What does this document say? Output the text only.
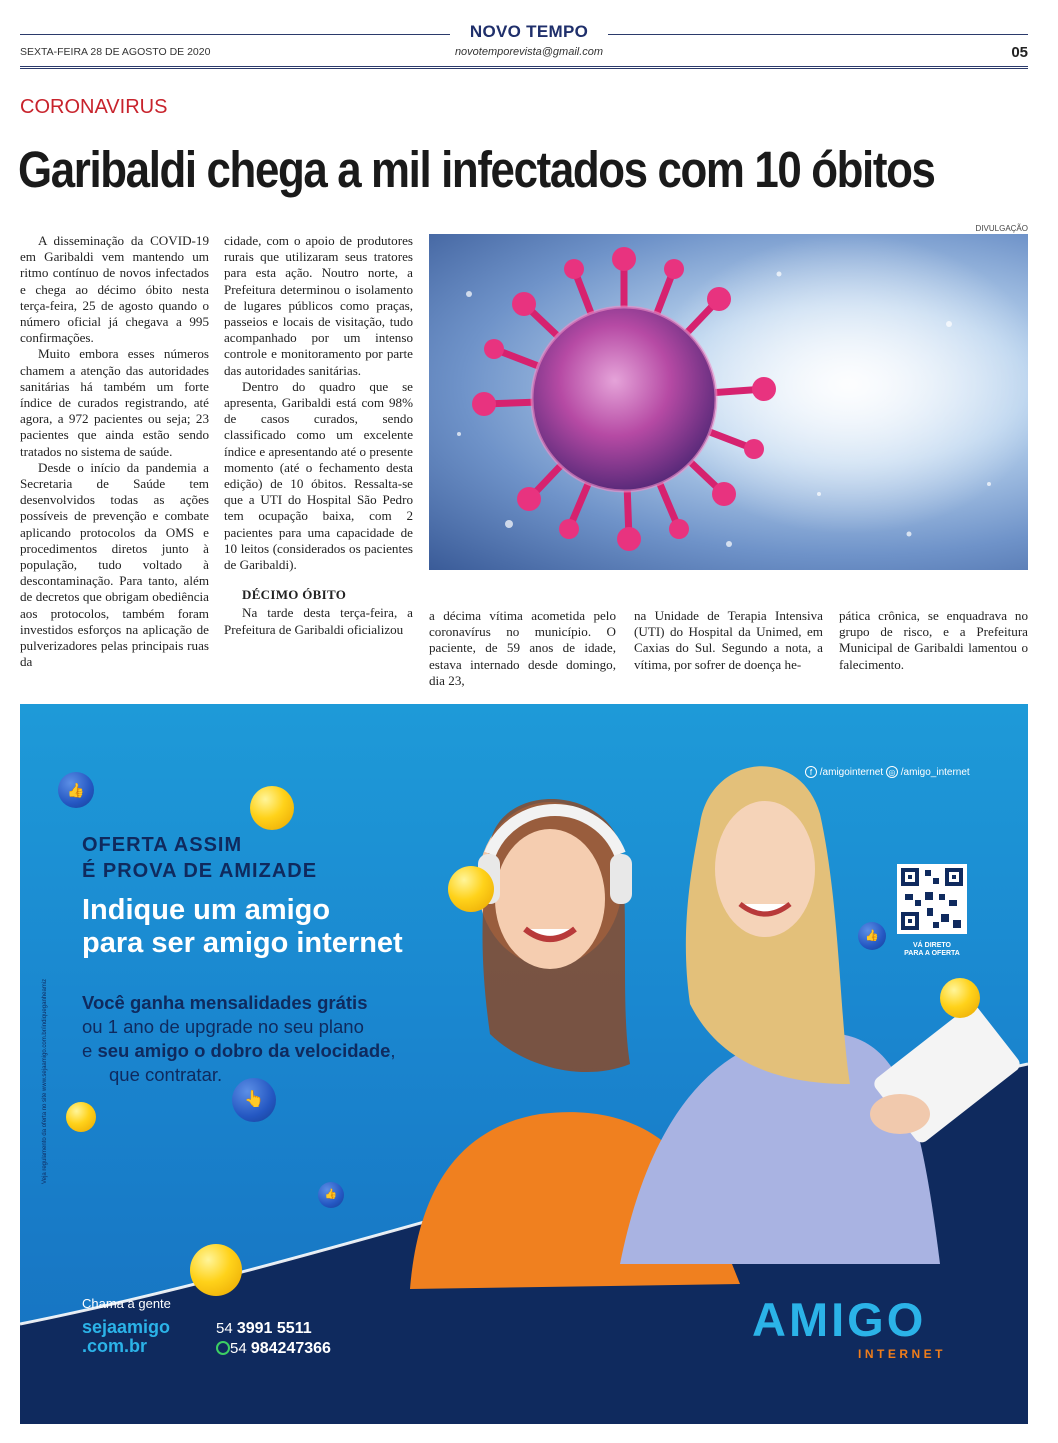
NOVO TEMPO
SEXTA-FEIRA 28 DE AGOSTO DE 2020	novotemporevista@gmail.com	05
CORONAVIRUS
Garibaldi chega a mil infectados com 10 óbitos

A disseminação da COVID-19 em Garibaldi vem mantendo um ritmo contínuo de novos infectados e chega ao décimo óbito nesta terça-feira, 25 de agosto quando o número oficial já chegava a 995 confirmações.

Muito embora esses números chamem a atenção das autoridades sanitárias há também um forte índice de curados registrando, até agora, a 972 pacientes ou seja; 23 pacientes que ainda estão sendo tratados no sistema de saúde.

Desde o início da pandemia a Secretaria de Saúde tem desenvolvidos todas as ações possíveis de prevenção e combate aplicando protocolos da OMS e procedimentos diretos junto à população, tudo voltado à descontaminação. Para tanto, além de decretos que obrigam obediência aos protocolos, também foram investidos esforços na aplicação de pulverizadores pelas principais ruas da

cidade, com o apoio de produtores rurais que utilizaram seus tratores para esta ação. Noutro norte, a Prefeitura determinou o isolamento de lugares públicos como praças, passeios e locais de visitação, tudo acompanhado por um intenso controle e monitoramento por parte das autoridades sanitárias.

Dentro do quadro que se apresenta, Garibaldi está com 98% de casos curados, sendo classificado como um excelente índice e apresentando até o presente momento (até o fechamento desta edição) de 10 óbitos. Ressalta-se que a UTI do Hospital São Pedro tem ocupação baixa, com 2 pacientes para uma capacidade de 10 leitos (considerados os pacientes de Garibaldi).

DÉCIMO ÓBITO

Na tarde desta terça-feira, a Prefeitura de Garibaldi oficializou

DIVULGAÇÃO
a décima vítima acometida pelo coronavírus no município. O paciente, de 59 anos de idade, estava internado desde domingo, dia 23,
na Unidade de Terapia Intensiva (UTI) do Hospital da Unimed, em Caxias do Sul. Segundo a nota, a vítima, por sofrer de doença he-
pática crônica, se enquadrava no grupo de risco, e a Prefeitura Municipal de Garibaldi lamentou o falecimento.
👍
👍
👆
👍
OFERTA ASSIM
É PROVA DE AMIZADE
Indique um amigo
para ser amigo internet
Você ganha mensalidades grátis
ou 1 ano de upgrade no seu plano
e seu amigo o dobro da velocidade,
que contratar.
Veja regulamento da oferta no site www.sejaamigo.com.br/indiqueganheamiz
f /amigointernet ◎ /amigo_internet
VÁ DIRETO
PARA A OFERTA
Chama a gente
sejaamigo
.com.br
54 3991 5511
54 984247366
AMIGO
INTERNET
